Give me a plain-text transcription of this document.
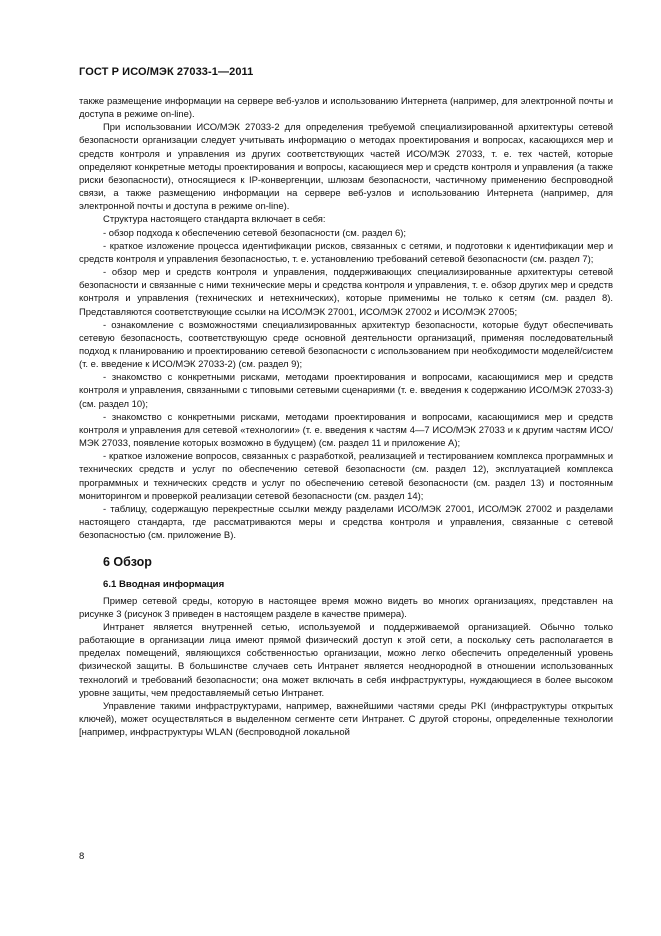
ГОСТ Р ИСО/МЭК 27033-1—2011

также размещение информации на сервере веб-узлов и использованию Интернета (например, для электронной почты и доступа в режиме on-line).

При использовании ИСО/МЭК 27033-2 для определения требуемой специализированной архитектуры сетевой безопасности организации следует учитывать информацию о методах проектирования и вопросах, касающихся мер и средств контроля и управления из других соответствующих частей ИСО/МЭК 27033, т. е. тех частей, которые определяют конкретные методы проектирования и вопросы, касающиеся мер и средств контроля и управления (а также риски безопасности), относящиеся к IP-конвергенции, шлюзам безопасности, частичному применению беспроводной связи, а также размещению информации на сервере веб-узлов и использованию Интернета (например, для электронной почты и доступа в режиме on-line).

Структура настоящего стандарта включает в себя:

- обзор подхода к обеспечению сетевой безопасности (см. раздел 6);

- краткое изложение процесса идентификации рисков, связанных с сетями, и подготовки к идентификации мер и средств контроля и управления безопасностью, т. е. установлению требований сетевой безопасности (см. раздел 7);

- обзор мер и средств контроля и управления, поддерживающих специализированные архитектуры сетевой безопасности и связанные с ними технические меры и средства контроля и управления, т. е. обзор других мер и средств контроля и управления (технических и нетехнических), которые применимы не только к сетям (см. раздел 8). Представляются соответствующие ссылки на ИСО/МЭК 27001, ИСО/МЭК 27002 и ИСО/МЭК 27005;

- ознакомление с возможностями специализированных архитектур безопасности, которые будут обеспечивать сетевую безопасность, соответствующую среде основной деятельности организаций, применяя последовательный подход к планированию и проектированию сетевой безопасности с использованием при необходимости моделей/систем (т. е. введение к ИСО/МЭК 27033-2) (см. раздел 9);

- знакомство с конкретными рисками, методами проектирования и вопросами, касающимися мер и средств контроля и управления, связанными с типовыми сетевыми сценариями (т. е. введения к содержанию ИСО/МЭК 27033-3) (см. раздел 10);

- знакомство с конкретными рисками, методами проектирования и вопросами, касающимися мер и средств контроля и управления для сетевой «технологии» (т. е. введения к частям 4—7 ИСО/МЭК 27033 и к другим частям ИСО/МЭК 27033, появление которых возможно в будущем) (см. раздел 11 и приложение А);

- краткое изложение вопросов, связанных с разработкой, реализацией и тестированием комплекса программных и технических средств и услуг по обеспечению сетевой безопасности (см. раздел 12), эксплуатацией комплекса программных и технических средств и услуг по обеспечению сетевой безопасности (см. раздел 13) и постоянным мониторингом и проверкой реализации сетевой безопасности (см. раздел 14);

- таблицу, содержащую перекрестные ссылки между разделами ИСО/МЭК 27001, ИСО/МЭК 27002 и разделами настоящего стандарта, где рассматриваются меры и средства контроля и управления, связанные с сетевой безопасностью (см. приложение В).

6 Обзор
6.1 Вводная информация

Пример сетевой среды, которую в настоящее время можно видеть во многих организациях, представлен на рисунке 3 (рисунок 3 приведен в настоящем разделе в качестве примера).

Интранет является внутренней сетью, используемой и поддерживаемой организацией. Обычно только работающие в организации лица имеют прямой физический доступ к этой сети, а поскольку сеть располагается в пределах помещений, являющихся собственностью организации, можно легко обеспечить определенный уровень физической защиты. В большинстве случаев сеть Интранет является неоднородной в отношении использованных технологий и требований безопасности; она может включать в себя инфраструктуры, нуждающиеся в более высоком уровне защиты, чем предоставляемый сетью Интранет.

Управление такими инфраструктурами, например, важнейшими частями среды PKI (инфраструктуры открытых ключей), может осуществляться в выделенном сегменте сети Интранет. С другой стороны, определенные технологии [например, инфраструктуры WLAN (беспроводной локальной

8
